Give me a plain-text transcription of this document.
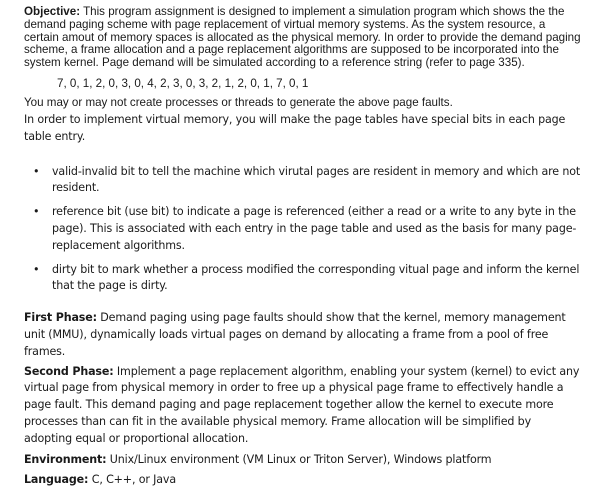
Objective: This program assignment is designed to implement a simulation program which shows the the demand paging scheme with page replacement of virtual memory systems. As the system resource, a certain amout of memory spaces is allocated as the physical memory. In order to provide the demand paging scheme, a frame allocation and a page replacement algorithms are supposed to be incorporated into the system kernel. Page demand will be simulated according to a reference string (refer to page 335).

7, 0, 1, 2, 0, 3, 0, 4, 2, 3, 0, 3, 2, 1, 2, 0, 1, 7, 0, 1

You may or may not create processes or threads to generate the above page faults.

In order to implement virtual memory, you will make the page tables have special bits in each page table entry.

• valid-invalid bit to tell the machine which virutal pages are resident in memory and which are not resident.
• reference bit (use bit) to indicate a page is referenced (either a read or a write to any byte in the page). This is associated with each entry in the page table and used as the basis for many page-replacement algorithms.
• dirty bit to mark whether a process modified the corresponding vitual page and inform the kernel that the page is dirty.

First Phase: Demand paging using page faults should show that the kernel, memory management unit (MMU), dynamically loads virtual pages on demand by allocating a frame from a pool of free frames.

Second Phase: Implement a page replacement algorithm, enabling your system (kernel) to evict any virtual page from physical memory in order to free up a physical page frame to effectively handle a page fault. This demand paging and page replacement together allow the kernel to execute more processes than can fit in the available physical memory. Frame allocation will be simplified by adopting equal or proportional allocation.

Environment: Unix/Linux environment (VM Linux or Triton Server), Windows platform

Language: C, C++, or Java
